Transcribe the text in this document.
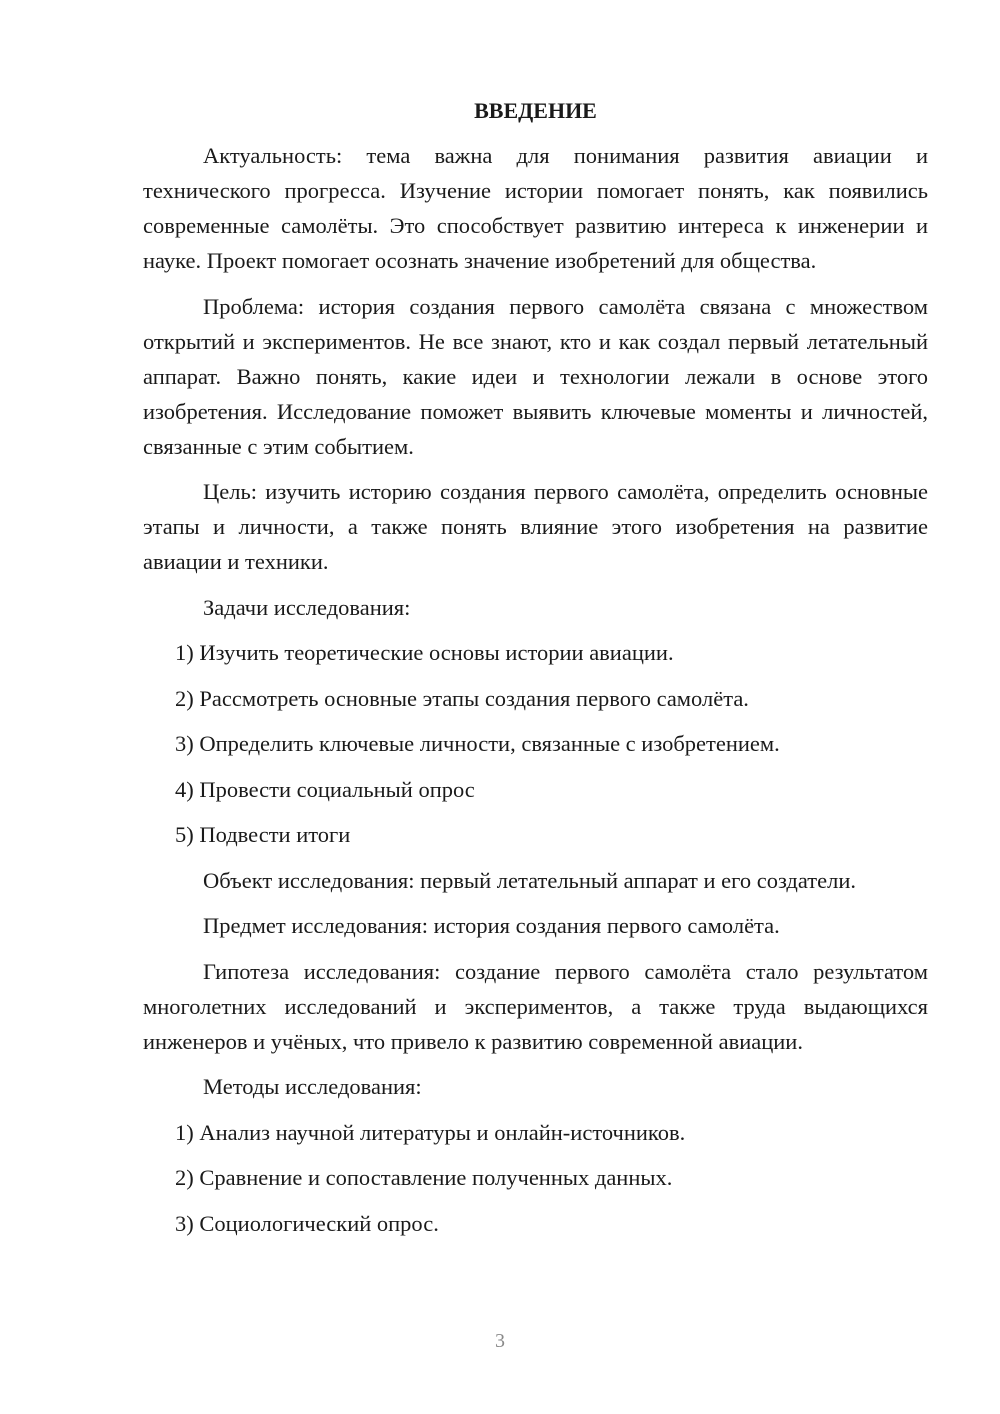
ВВЕДЕНИЕ

Актуальность: тема важна для понимания развития авиации и технического прогресса. Изучение истории помогает понять, как появились современные самолёты. Это способствует развитию интереса к инженерии и науке. Проект помогает осознать значение изобретений для общества.

Проблема: история создания первого самолёта связана с множеством открытий и экспериментов. Не все знают, кто и как создал первый летательный аппарат. Важно понять, какие идеи и технологии лежали в основе этого изобретения. Исследование поможет выявить ключевые моменты и личностей, связанные с этим событием.

Цель: изучить историю создания первого самолёта, определить основные этапы и личности, а также понять влияние этого изобретения на развитие авиации и техники.

Задачи исследования:

1) Изучить теоретические основы истории авиации.

2) Рассмотреть основные этапы создания первого самолёта.

3) Определить ключевые личности, связанные с изобретением.

4) Провести социальный опрос

5) Подвести итоги

Объект исследования: первый летательный аппарат и его создатели.

Предмет исследования: история создания первого самолёта.

Гипотеза исследования: создание первого самолёта стало результатом многолетних исследований и экспериментов, а также труда выдающихся инженеров и учёных, что привело к развитию современной авиации.

Методы исследования:

1) Анализ научной литературы и онлайн-источников.

2) Сравнение и сопоставление полученных данных.

3) Социологический опрос.

3
